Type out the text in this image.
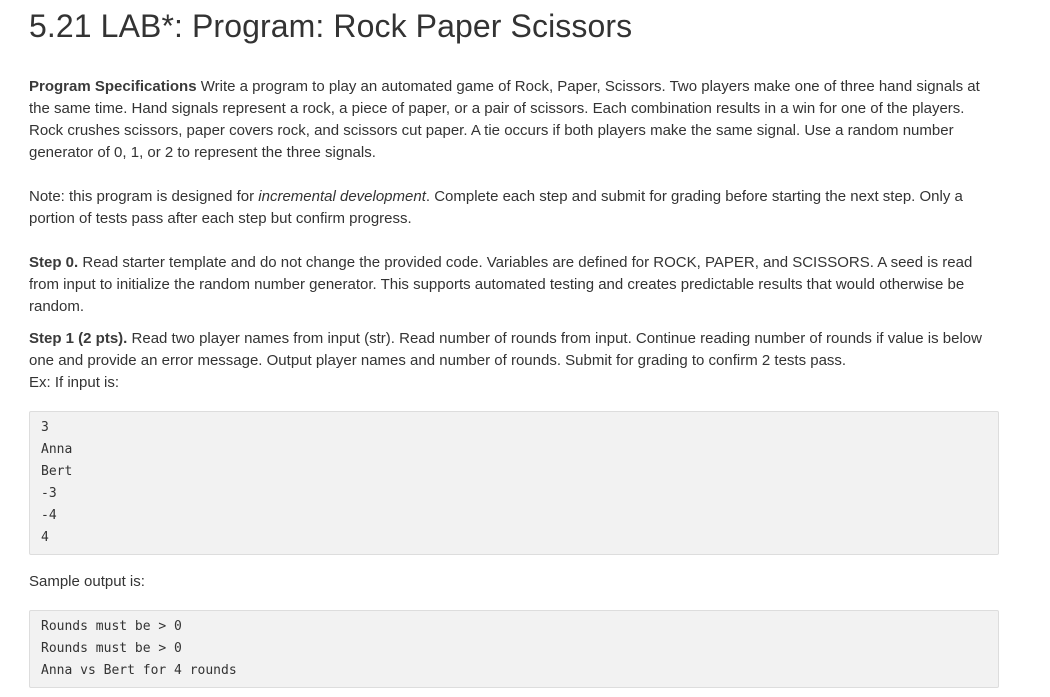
5.21 LAB*: Program: Rock Paper Scissors

Program Specifications Write a program to play an automated game of Rock, Paper, Scissors. Two players make one of three hand signals at the same time. Hand signals represent a rock, a piece of paper, or a pair of scissors. Each combination results in a win for one of the players. Rock crushes scissors, paper covers rock, and scissors cut paper. A tie occurs if both players make the same signal. Use a random number generator of 0, 1, or 2 to represent the three signals.

Note: this program is designed for incremental development. Complete each step and submit for grading before starting the next step. Only a portion of tests pass after each step but confirm progress.

Step 0. Read starter template and do not change the provided code. Variables are defined for ROCK, PAPER, and SCISSORS. A seed is read from input to initialize the random number generator. This supports automated testing and creates predictable results that would otherwise be random.

Step 1 (2 pts). Read two player names from input (str). Read number of rounds from input. Continue reading number of rounds if value is below one and provide an error message. Output player names and number of rounds. Submit for grading to confirm 2 tests pass.
Ex: If input is:

3
Anna
Bert
-3
-4
4

Sample output is:

Rounds must be > 0
Rounds must be > 0
Anna vs Bert for 4 rounds
